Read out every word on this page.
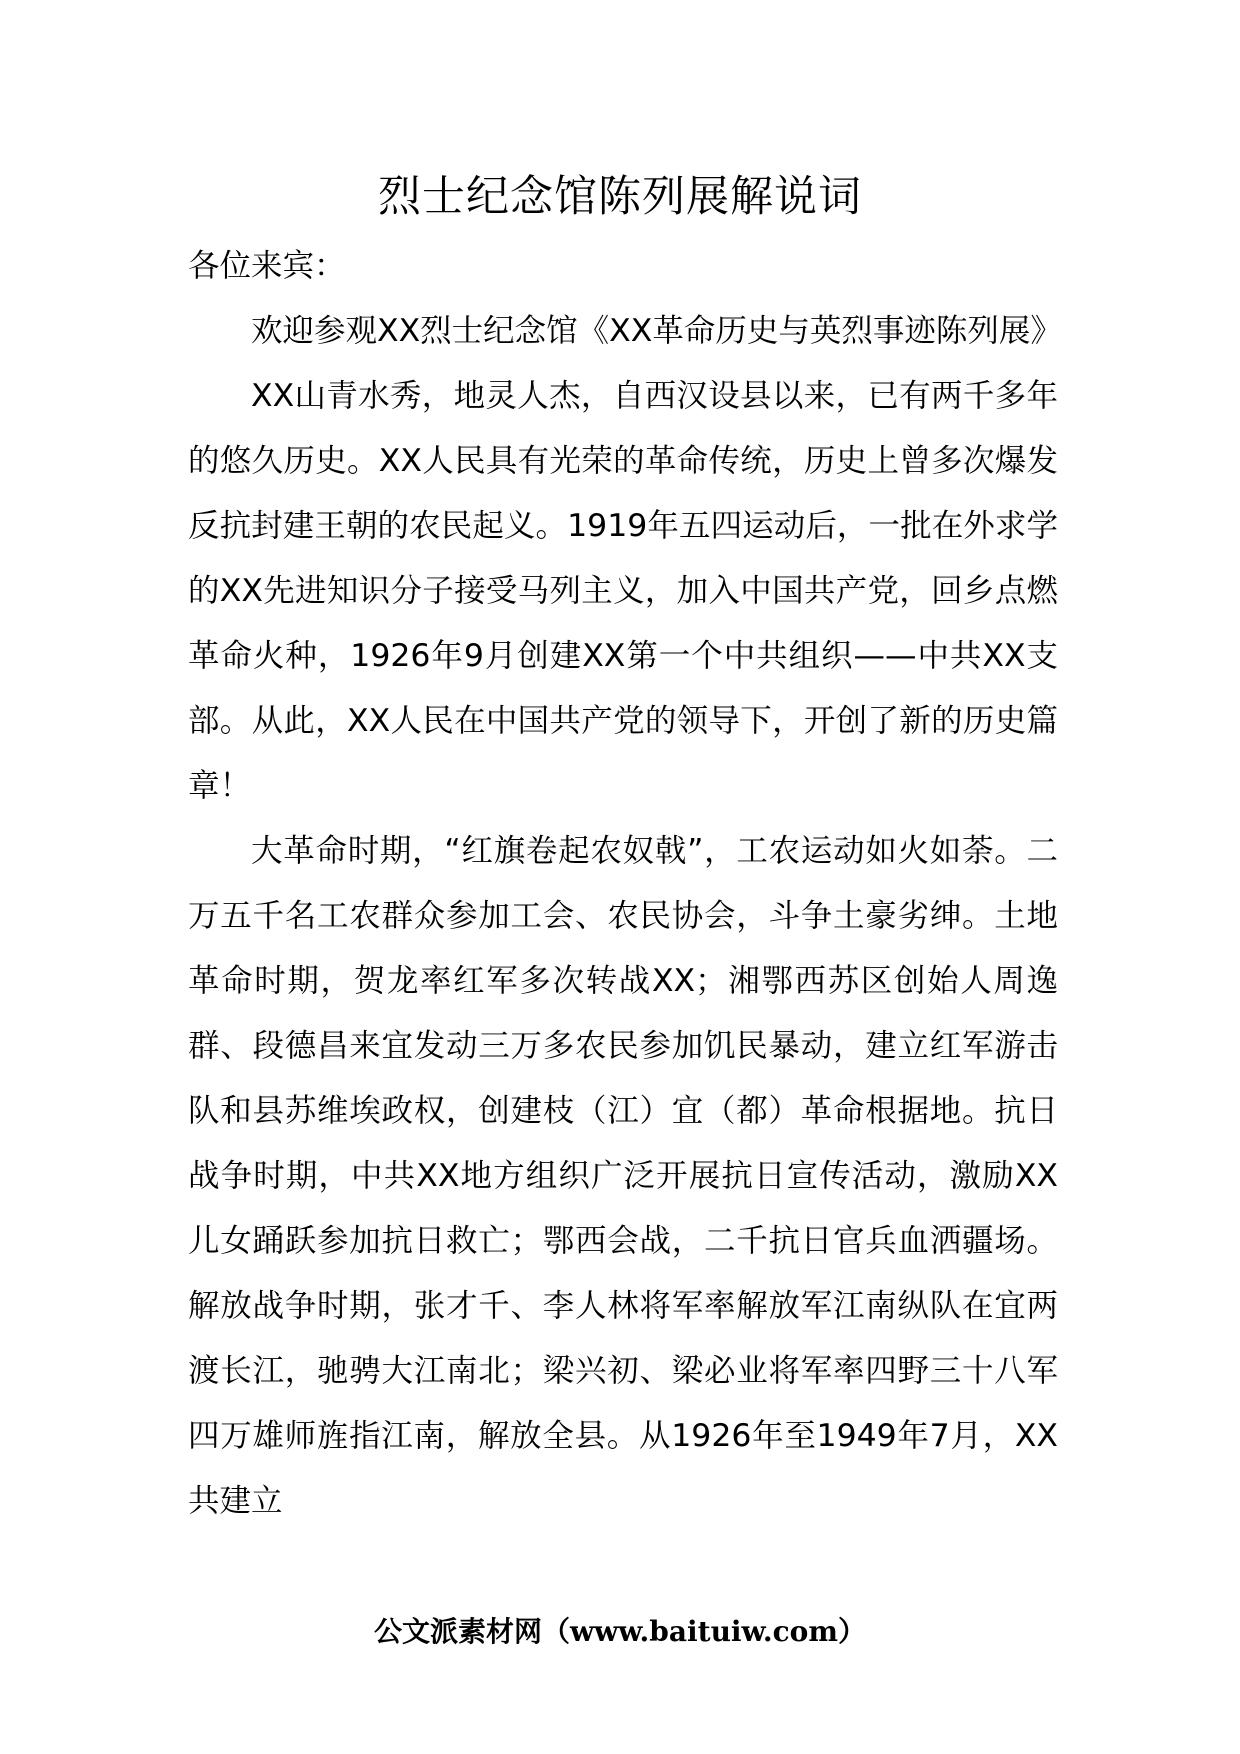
烈士纪念馆陈列展解说词

各位来宾：

欢迎参观XX烈士纪念馆《XX革命历史与英烈事迹陈列展》

XX山青水秀，地灵人杰，自西汉设县以来，已有两千多年的悠久历史。XX人民具有光荣的革命传统，历史上曾多次爆发反抗封建王朝的农民起义。1919年五四运动后，一批在外求学的XX先进知识分子接受马列主义，加入中国共产党，回乡点燃革命火种，1926年9月创建XX第一个中共组织——中共XX支部。从此，XX人民在中国共产党的领导下，开创了新的历史篇章！

大革命时期，“红旗卷起农奴戟”，工农运动如火如荼。二万五千名工农群众参加工会、农民协会，斗争土豪劣绅。土地革命时期，贺龙率红军多次转战XX；湘鄂西苏区创始人周逸群、段德昌来宜发动三万多农民参加饥民暴动，建立红军游击队和县苏维埃政权，创建枝（江）宜（都）革命根据地。抗日战争时期，中共XX地方组织广泛开展抗日宣传活动，激励XX儿女踊跃参加抗日救亡；鄂西会战，二千抗日官兵血洒疆场。解放战争时期，张才千、李人林将军率解放军江南纵队在宜两渡长江，驰骋大江南北；梁兴初、梁必业将军率四野三十八军四万雄师旌指江南，解放全县。从1926年至1949年7月，XX共建立

公文派素材网（www.baituiw.com）
